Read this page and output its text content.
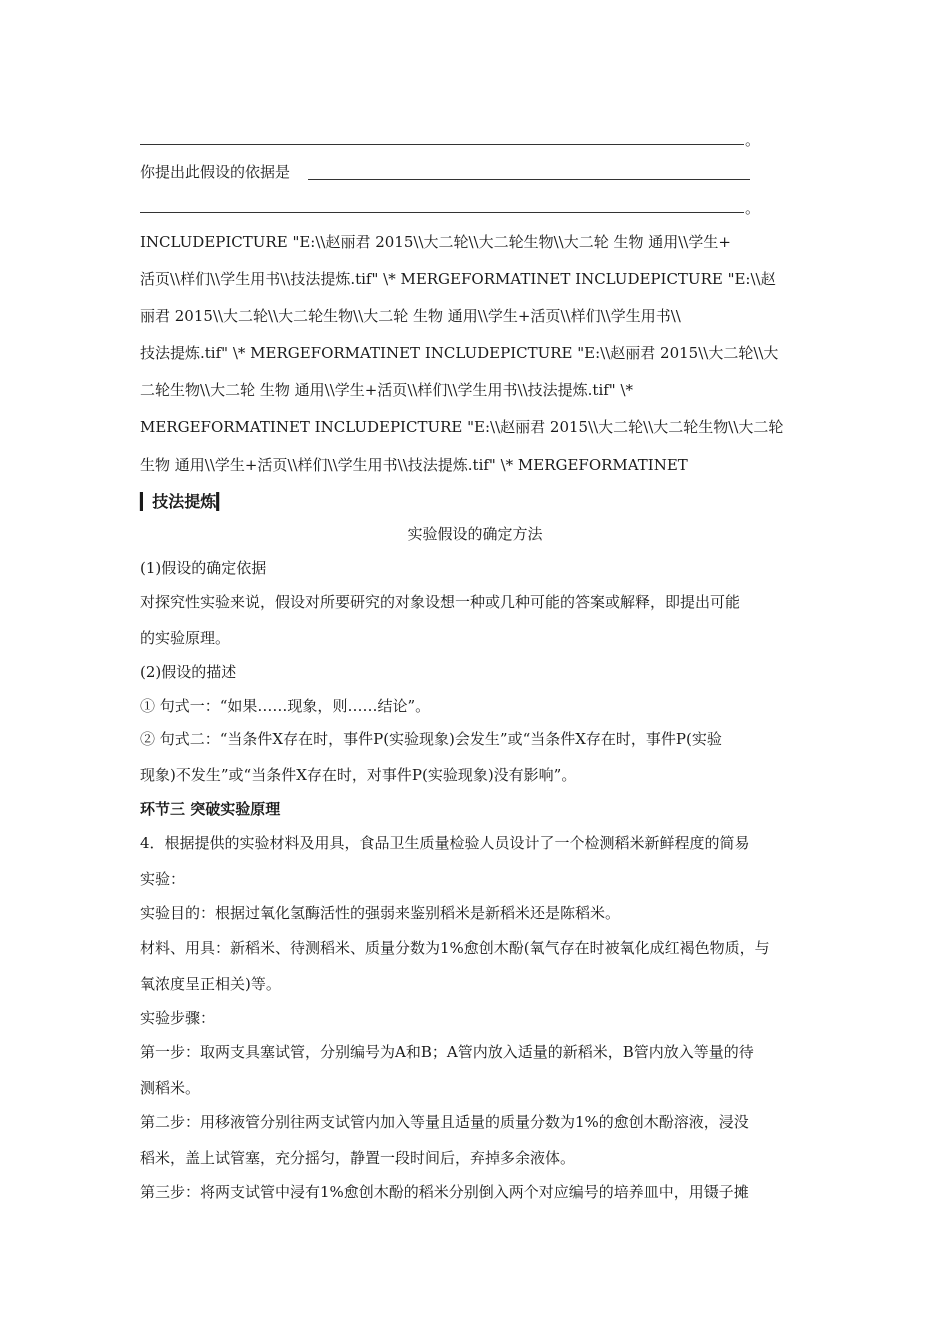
。
你提出此假设的依据是
。
INCLUDEPICTURE "E:\\赵丽君 2015\\大二轮\\大二轮生物\\大二轮 生物 通用\\学生+
活页\\样们\\学生用书\\技法提炼.tif" \* MERGEFORMATINET INCLUDEPICTURE "E:\\赵
丽君 2015\\大二轮\\大二轮生物\\大二轮 生物 通用\\学生+活页\\样们\\学生用书\\
技法提炼.tif" \* MERGEFORMATINET INCLUDEPICTURE "E:\\赵丽君 2015\\大二轮\\大
二轮生物\\大二轮 生物 通用\\学生+活页\\样们\\学生用书\\技法提炼.tif" \*
MERGEFORMATINET INCLUDEPICTURE "E:\\赵丽君 2015\\大二轮\\大二轮生物\\大二轮
生物 通用\\学生+活页\\样们\\学生用书\\技法提炼.tif" \* MERGEFORMATINET
▎技法提炼▎
实验假设的确定方法
(1)假设的确定依据
对探究性实验来说，假设对所要研究的对象设想一种或几种可能的答案或解释，即提出可能
的实验原理。
(2)假设的描述
① 句式一：“如果……现象，则……结论”。
② 句式二：“当条件X存在时，事件P(实验现象)会发生”或“当条件X存在时，事件P(实验
现象)不发生”或“当条件X存在时，对事件P(实验现象)没有影响”。
环节三 突破实验原理
4．根据提供的实验材料及用具，食品卫生质量检验人员设计了一个检测稻米新鲜程度的简易
实验：
实验目的：根据过氧化氢酶活性的强弱来鉴别稻米是新稻米还是陈稻米。
材料、用具：新稻米、待测稻米、质量分数为1%愈创木酚(氧气存在时被氧化成红褐色物质，与
氧浓度呈正相关)等。
实验步骤：
第一步：取两支具塞试管，分别编号为A和B；A管内放入适量的新稻米，B管内放入等量的待
测稻米。
第二步：用移液管分别往两支试管内加入等量且适量的质量分数为1%的愈创木酚溶液，浸没
稻米，盖上试管塞，充分摇匀，静置一段时间后，弃掉多余液体。
第三步：将两支试管中浸有1%愈创木酚的稻米分别倒入两个对应编号的培养皿中，用镊子摊
